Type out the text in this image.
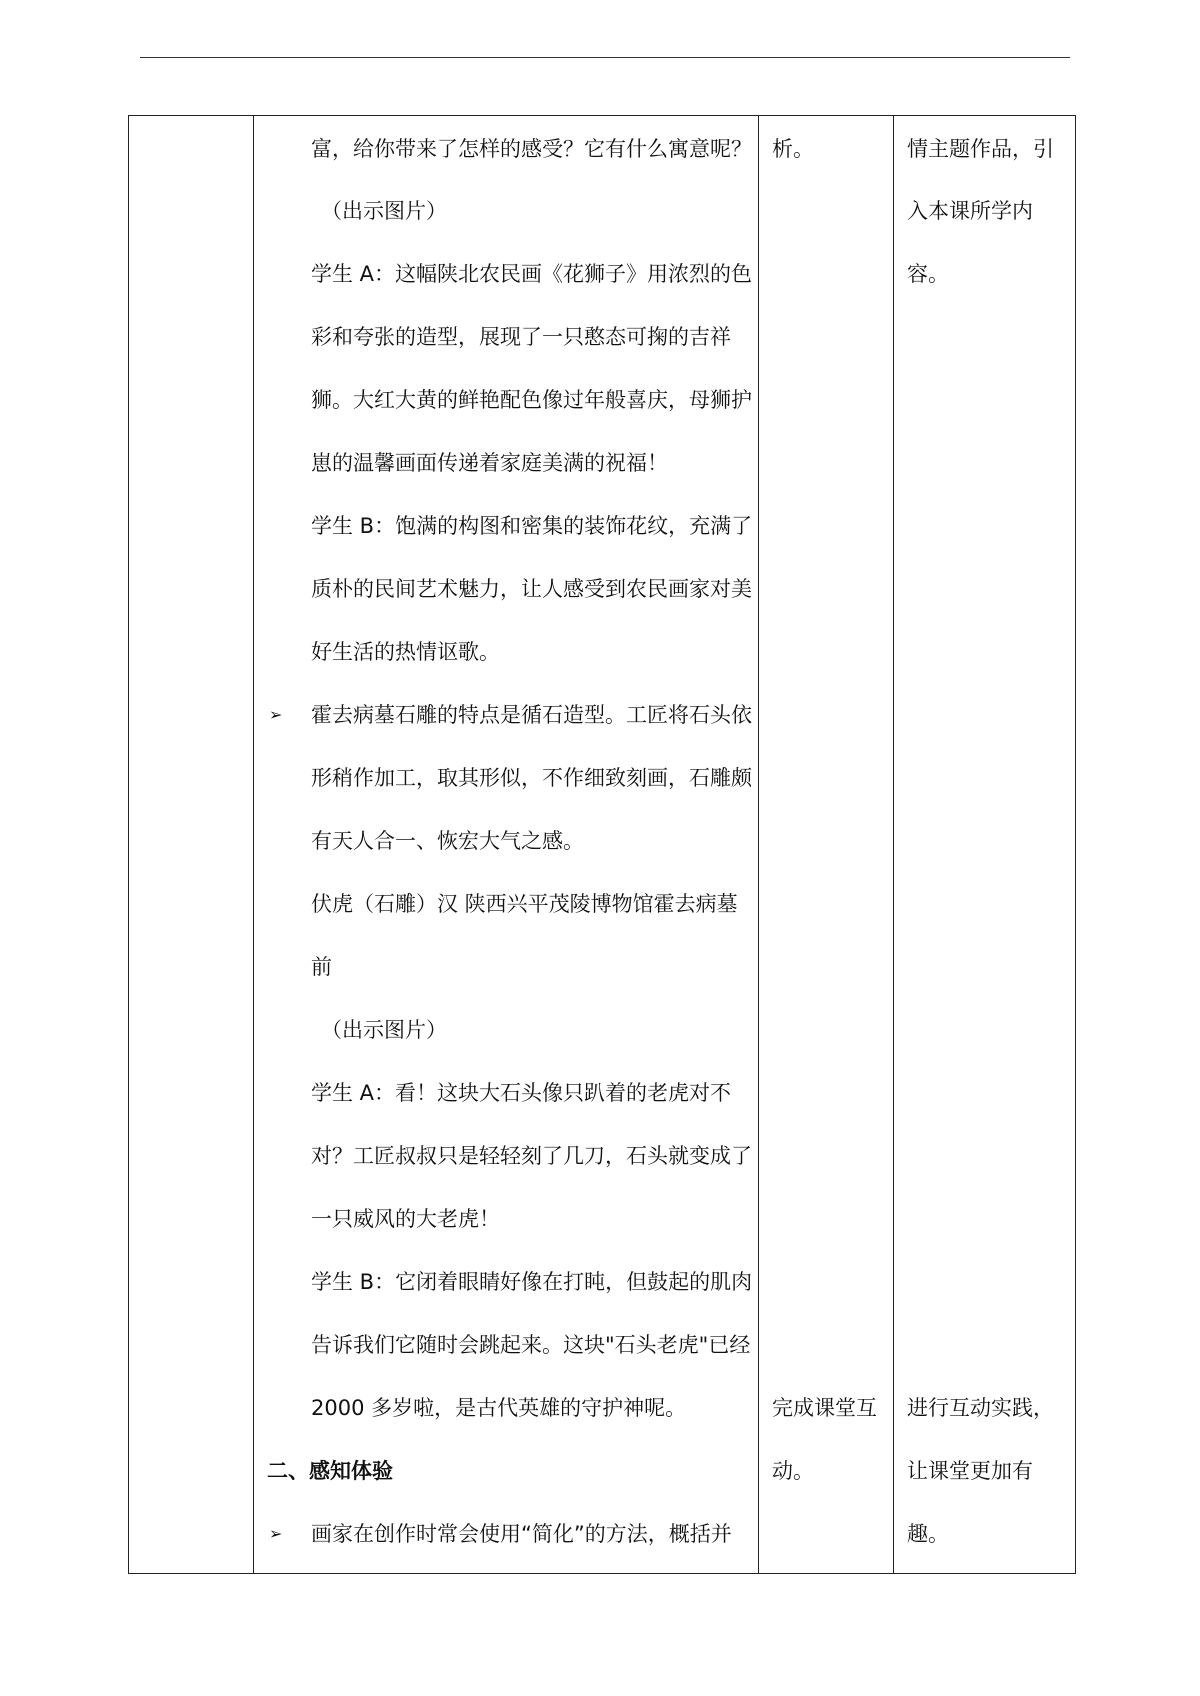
富，给你带来了怎样的感受？它有什么寓意呢？
（出示图片）
学生 A：这幅陕北农民画《花狮子》用浓烈的色
彩和夸张的造型，展现了一只憨态可掬的吉祥
狮。大红大黄的鲜艳配色像过年般喜庆，母狮护
崽的温馨画面传递着家庭美满的祝福！
学生 B：饱满的构图和密集的装饰花纹，充满了
质朴的民间艺术魅力，让人感受到农民画家对美
好生活的热情讴歌。
➢ 霍去病墓石雕的特点是循石造型。工匠将石头依
形稍作加工，取其形似，不作细致刻画，石雕颇
有天人合一、恢宏大气之感。
伏虎（石雕）汉 陕西兴平茂陵博物馆霍去病墓
前
（出示图片）
学生 A：看！这块大石头像只趴着的老虎对不
对？工匠叔叔只是轻轻刻了几刀，石头就变成了
一只威风的大老虎！
学生 B：它闭着眼睛好像在打盹，但鼓起的肌肉
告诉我们它随时会跳起来。这块"石头老虎"已经
2000 多岁啦，是古代英雄的守护神呢。
二、感知体验
➢ 画家在创作时常会使用“简化”的方法，概括并
析。
完成课堂互
动。
情主题作品，引
入本课所学内
容。
进行互动实践，
让课堂更加有
趣。
